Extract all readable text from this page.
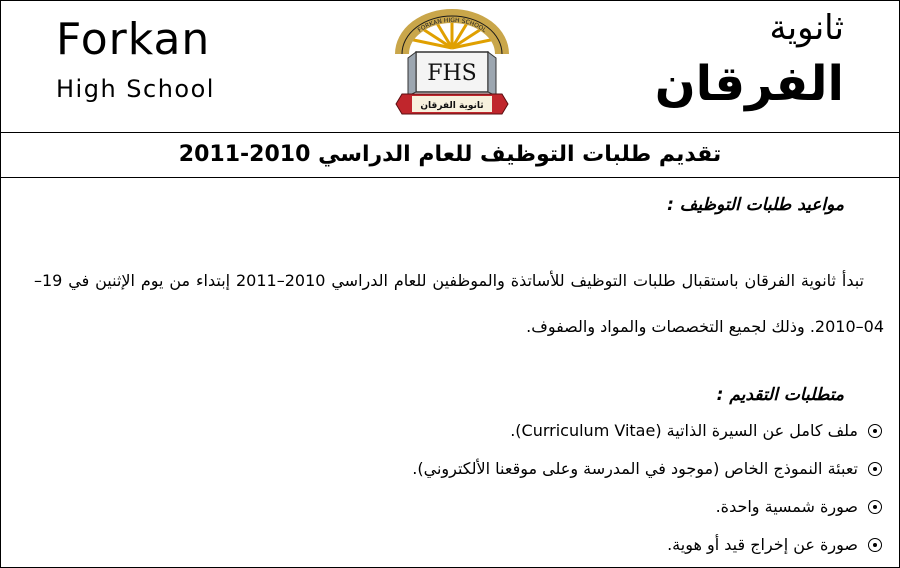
Forkan
High School
FORKAN HIGH SCHOOL
FHS
ثانوية الفرقان
ثانوية
الفرقان
تقديم طلبات التوظيف للعام الدراسي 2010-2011
مواعيد طلبات التوظيف :

تبدأ ثانوية الفرقان باستقبال طلبات التوظيف للأساتذة والموظفين للعام الدراسي 2010–2011 إبتداء من يوم الإثنين في 19–04–2010. وذلك لجميع التخصصات والمواد والصفوف.

متطلبات التقديم :
ملف كامل عن السيرة الذاتية (Curriculum Vitae).
تعبئة النموذج الخاص (موجود في المدرسة وعلى موقعنا الألكتروني).
صورة شمسية واحدة.
صورة عن إخراج قيد أو هوية.
